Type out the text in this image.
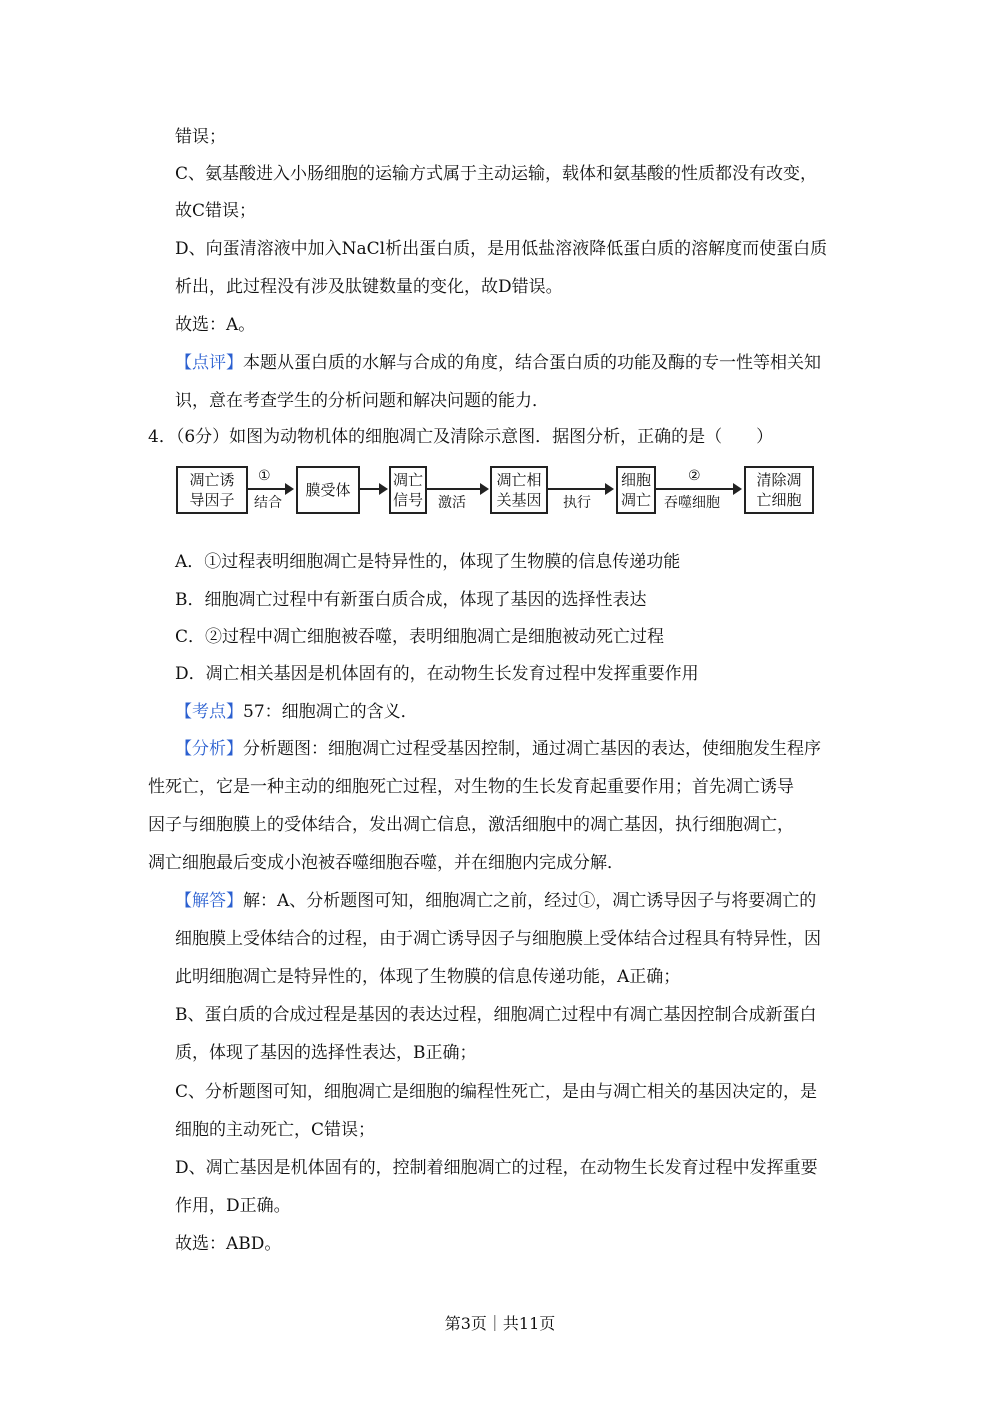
错误；
C、氨基酸进入小肠细胞的运输方式属于主动运输，载体和氨基酸的性质都没有改变，
故C错误；
D、向蛋清溶液中加入NaCl析出蛋白质，是用低盐溶液降低蛋白质的溶解度而使蛋白质
析出，此过程没有涉及肽键数量的变化，故D错误。
故选：A。
【点评】本题从蛋白质的水解与合成的角度，结合蛋白质的功能及酶的专一性等相关知
识，意在考查学生的分析问题和解决问题的能力．
4．（6分）如图为动物机体的细胞凋亡及清除示意图．据图分析，正确的是（　　）
凋亡诱
导因子
①
结合
膜受体
凋亡
信号 激活
凋亡相
关基因 执行
细胞
凋亡
②
吞噬细胞
清除凋
亡细胞
A．①过程表明细胞凋亡是特异性的，体现了生物膜的信息传递功能
B．细胞凋亡过程中有新蛋白质合成，体现了基因的选择性表达
C．②过程中凋亡细胞被吞噬，表明细胞凋亡是细胞被动死亡过程
D．凋亡相关基因是机体固有的，在动物生长发育过程中发挥重要作用
【考点】57：细胞凋亡的含义．
【分析】分析题图：细胞凋亡过程受基因控制，通过凋亡基因的表达，使细胞发生程序
性死亡，它是一种主动的细胞死亡过程，对生物的生长发育起重要作用；首先凋亡诱导
因子与细胞膜上的受体结合，发出凋亡信息，激活细胞中的凋亡基因，执行细胞凋亡，
凋亡细胞最后变成小泡被吞噬细胞吞噬，并在细胞内完成分解．
【解答】解：A、分析题图可知，细胞凋亡之前，经过①，凋亡诱导因子与将要凋亡的
细胞膜上受体结合的过程，由于凋亡诱导因子与细胞膜上受体结合过程具有特异性，因
此明细胞凋亡是特异性的，体现了生物膜的信息传递功能，A正确；
B、蛋白质的合成过程是基因的表达过程，细胞凋亡过程中有凋亡基因控制合成新蛋白
质，体现了基因的选择性表达，B正确；
C、分析题图可知，细胞凋亡是细胞的编程性死亡，是由与凋亡相关的基因决定的，是
细胞的主动死亡，C错误；
D、凋亡基因是机体固有的，控制着细胞凋亡的过程，在动物生长发育过程中发挥重要
作用，D正确。
故选：ABD。
第3页｜共11页
